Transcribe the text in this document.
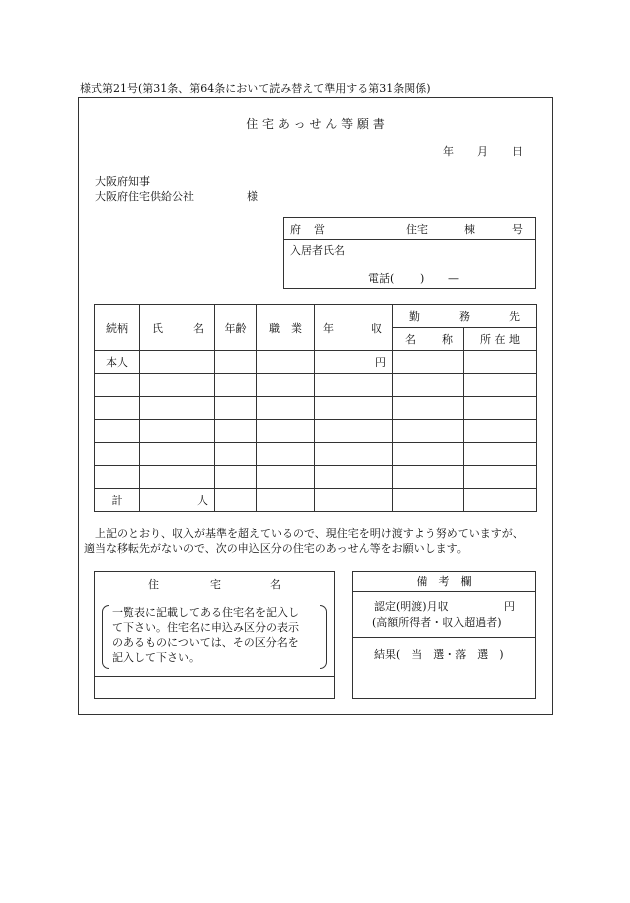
様式第21号(第31条、第64条において読み替えて準用する第31条関係)
住 宅 あ っ せ ん 等 願 書
年 月 日
大阪府知事
大阪府住宅供給公社	様
府 営	住宅	棟	号
入居者氏名
電話( ) —
続柄	氏 名	年齢	職　業	年 収	勤 務 先	

					名 称	所 在 地
本人				円		

計	人					
上記のとおり、収入が基準を超えているので、現住宅を明け渡すよう努めていますが、
適当な移転先がないので、次の申込区分の住宅のあっせん等をお願いします。
住	宅	名
一覧表に記載してある住宅名を記入し
て下さい。住宅名に申込み区分の表示
のあるものについては、その区分名を
記入して下さい。
備　考　欄
認定(明渡)月収	円
(高額所得者・収入超過者)
結果(　当　選・落　選　)
